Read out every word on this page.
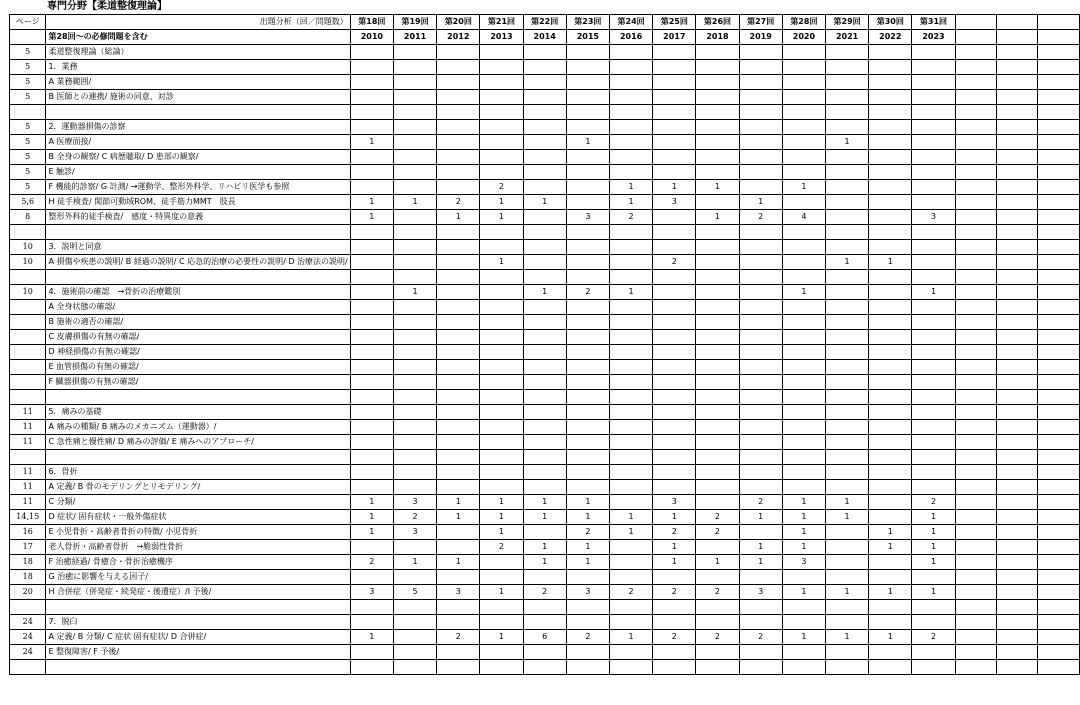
専門分野【柔道整復理論】
ページ	出題分析（回／問題数）	第18回	第19回	第20回	第21回	第22回	第23回	第24回	第25回	第26回	第27回	第28回	第29回	第30回	第31回			
	第28回～の必修問題を含む	2010	2011	2012	2013	2014	2015	2016	2017	2018	2019	2020	2021	2022	2023			
5	柔道整復理論（総論）																	
5	1．業務																	
5	A 業務範囲/																	
5	B 医師との連携/ 施術の同意、対診																	

5	2．運動器損傷の診察																	
5	A 医療面接/	1					1						1					
5	B 全身の観察/ C 病歴聴取/ D 患部の観察/																	
5	E 触診/																	
5	F 機能的診察/ G 計測/ →運動学、整形外科学、リハビリ医学も参照				2			1	1	1		1						
5,6	H 徒手検査/ 関節可動域ROM、徒手筋力MMT　肢長	1	1	2	1	1		1	3		1							
8	整形外科的徒手検査/　感度・特異度の意義	1		1	1		3	2		1	2	4			3			

10	3．説明と同意																	
10	A 損傷や疾患の説明/ B 経過の説明/ C 応急的治療の必要性の説明/ D 治療法の説明/				1				2				1	1				

10	4．施術前の確認　→骨折の治療鑑別		1			1	2	1				1			1			
	A 全身状態の確認/																	
	B 施術の適否の確認/																	
	C 皮膚損傷の有無の確認/																	
	D 神経損傷の有無の確認/																	
	E 血管損傷の有無の確認/																	
	F 臓器損傷の有無の確認/																	

11	5．痛みの基礎																	
11	A 痛みの種類/ B 痛みのメカニズム（運動器）/																	
11	C 急性痛と慢性痛/ D 痛みの評価/ E 痛みへのアプローチ/																	

11	6．骨折																	
11	A 定義/ B 骨のモデリングとリモデリング/																	
11	C 分類/	1	3	1	1	1	1		3		2	1	1		2			
14,15	D 症状/ 固有症状・一般外傷症状	1	2	1	1	1	1	1	1	2	1	1	1		1			
16	E 小児骨折・高齢者骨折の特徴/ 小児骨折	1	3		1		2	1	2	2		1		1	1			
17	老人骨折・高齢者骨折　→脆弱性骨折				2	1	1		1		1	1		1	1			
18	F 治癒経過/ 骨癒合・骨折治癒機序	2	1	1		1	1		1	1	1	3			1			
18	G 治癒に影響を与える因子/																	
20	H 合併症（併発症・続発症・後遺症）/I 予後/	3	5	3	1	2	3	2	2	2	3	1	1	1	1			

24	7．脱臼																	
24	A 定義/ B 分類/ C 症状 固有症状/ D 合併症/	1		2	1	6	2	1	2	2	2	1	1	1	2			
24	E 整復障害/ F 予後/																	
